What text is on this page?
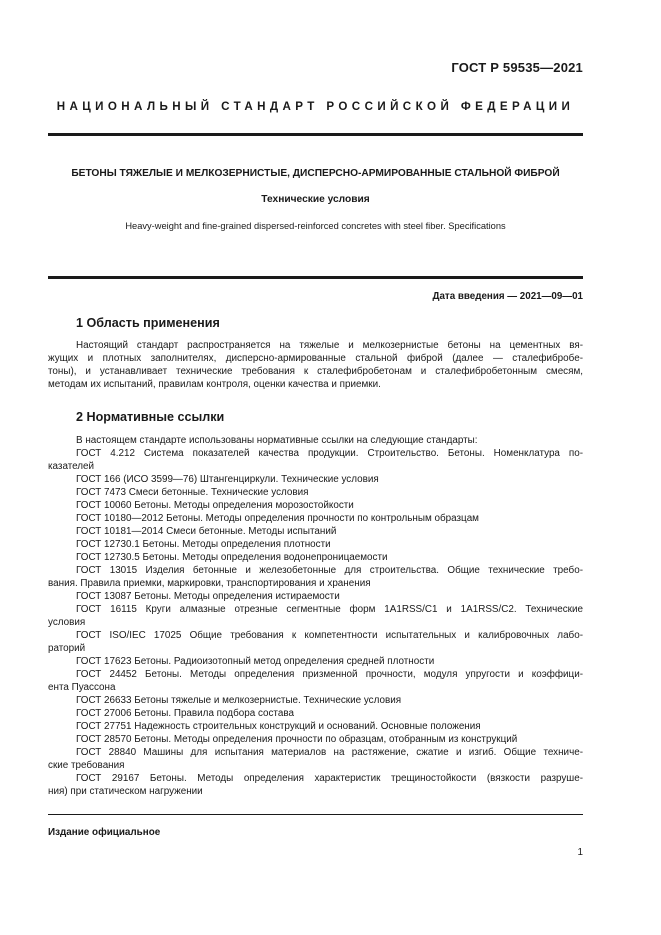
ГОСТ Р 59535—2021
НАЦИОНАЛЬНЫЙ СТАНДАРТ РОССИЙСКОЙ ФЕДЕРАЦИИ
БЕТОНЫ ТЯЖЕЛЫЕ И МЕЛКОЗЕРНИСТЫЕ, ДИСПЕРСНО-АРМИРОВАННЫЕ СТАЛЬНОЙ ФИБРОЙ
Технические условия
Heavy-weight and fine-grained dispersed-reinforced concretes with steel fiber. Specifications
Дата введения — 2021—09—01
1 Область применения
Настоящий стандарт распространяется на тяжелые и мелкозернистые бетоны на цементных вя-
жущих и плотных заполнителях, дисперсно-армированные стальной фиброй (далее — сталефибробе-
тоны), и устанавливает технические требования к сталефибробетонам и сталефибробетонным смесям,
методам их испытаний, правилам контроля, оценки качества и приемки.
2 Нормативные ссылки
В настоящем стандарте использованы нормативные ссылки на следующие стандарты:
ГОСТ 4.212 Система показателей качества продукции. Строительство. Бетоны. Номенклатура по-
казателей
ГОСТ 166 (ИСО 3599—76) Штангенциркули. Технические условия
ГОСТ 7473 Смеси бетонные. Технические условия
ГОСТ 10060 Бетоны. Методы определения морозостойкости
ГОСТ 10180—2012 Бетоны. Методы определения прочности по контрольным образцам
ГОСТ 10181—2014 Смеси бетонные. Методы испытаний
ГОСТ 12730.1 Бетоны. Методы определения плотности
ГОСТ 12730.5 Бетоны. Методы определения водонепроницаемости
ГОСТ 13015 Изделия бетонные и железобетонные для строительства. Общие технические требо-
вания. Правила приемки, маркировки, транспортирования и хранения
ГОСТ 13087 Бетоны. Методы определения истираемости
ГОСТ 16115 Круги алмазные отрезные сегментные форм 1A1RSS/C1 и 1A1RSS/C2. Технические
условия
ГОСТ ISO/IEC 17025 Общие требования к компетентности испытательных и калибровочных лабо-
раторий
ГОСТ 17623 Бетоны. Радиоизотопный метод определения средней плотности
ГОСТ 24452 Бетоны. Методы определения призменной прочности, модуля упругости и коэффици-
ента Пуассона
ГОСТ 26633 Бетоны тяжелые и мелкозернистые. Технические условия
ГОСТ 27006 Бетоны. Правила подбора состава
ГОСТ 27751 Надежность строительных конструкций и оснований. Основные положения
ГОСТ 28570 Бетоны. Методы определения прочности по образцам, отобранным из конструкций
ГОСТ 28840 Машины для испытания материалов на растяжение, сжатие и изгиб. Общие техниче-
ские требования
ГОСТ 29167 Бетоны. Методы определения характеристик трещиностойкости (вязкости разруше-
ния) при статическом нагружении
Издание официальное
1
